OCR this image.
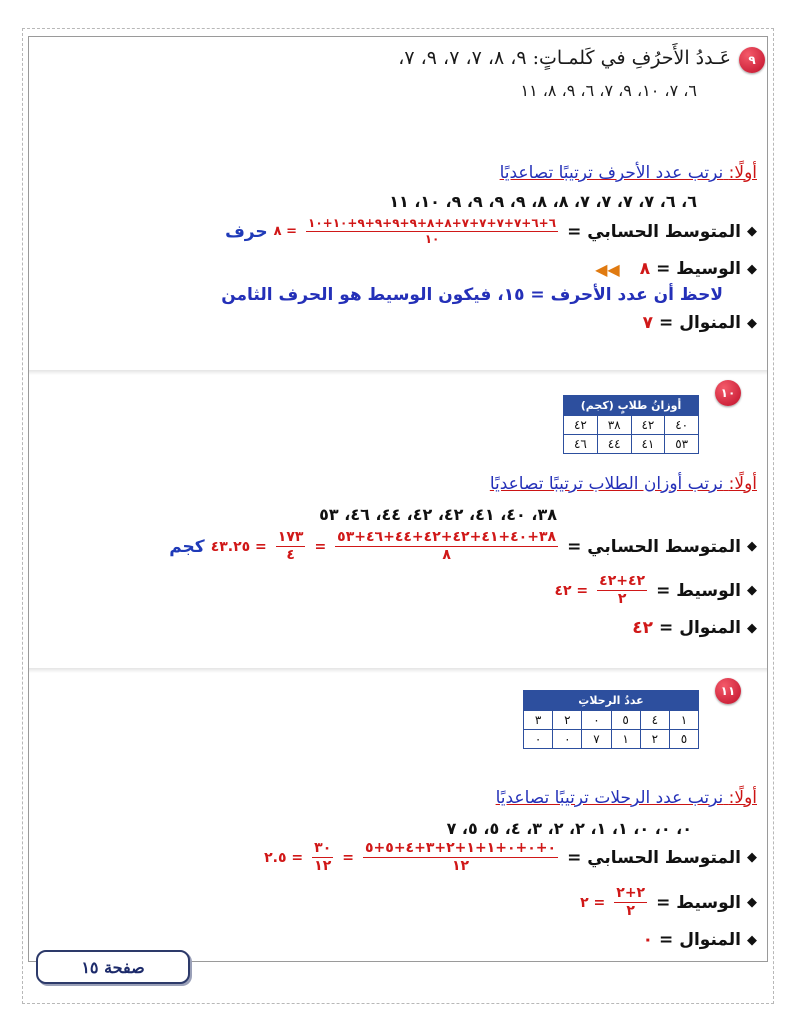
٩
عَـددُ الأَحرُفِ في كَلمـاتٍ: ٩، ٨، ٧، ٧، ٩، ٧،
٦، ٧، ١٠، ٩، ٧، ٦، ٩، ٨، ١١
أولًا: نرتب عدد الأحرف ترتيبًا تصاعديًا
٦، ٦، ٧، ٧، ٧، ٧، ٨، ٨، ٩، ٩، ٩، ٩، ١٠، ١١
◆
المتوسط الحسابي =
$\frac{٦+٦+٧+٧+٧+٧+٨+٨+٩+٩+٩+٩+١٠+١٠}{١٠}$
= ٨
حرف
◆
الوسيط =
٨
◀◀
لاحظ أن عدد الأحرف = ١٥، فيكون الوسيط هو الحرف الثامن
◆
المنوال =
٧
١٠
أوزانُ طلابٍ (كجم)			
٤٠	٤٢	٣٨	٤٢
٥٣	٤١	٤٤	٤٦
أولًا: نرتب أوزان الطلاب ترتيبًا تصاعديًا
٣٨، ٤٠، ٤١، ٤٢، ٤٢، ٤٤، ٤٦، ٥٣
◆
المتوسط الحسابي =
$\frac{٣٨+٤٠+٤١+٤٢+٤٢+٤٤+٤٦+٥٣}{٨}$
=
$\frac{١٧٣}{٤}$
= ٤٣.٢٥
كجم
◆
الوسيط =
$\frac{٤٢+٤٢}{٢}$
= ٤٢
◆
المنوال =
٤٢
١١
عددُ الرحلاتِ					
١	٤	٥	٠	٢	٣
٥	٢	١	٧	٠	٠
أولًا: نرتب عدد الرحلات ترتيبًا تصاعديًا
٠، ٠، ٠، ١، ١، ٢، ٢، ٣، ٤، ٥، ٥، ٧
◆
المتوسط الحسابي =
$\frac{٠+٠+٠+١+١+٢+٣+٤+٥+٥}{١٢}$
=
$\frac{٣٠}{١٢}$
= ٢.٥
◆
الوسيط =
$\frac{٢+٢}{٢}$
= ٢
◆
المنوال =
٠
صفحة ١٥
